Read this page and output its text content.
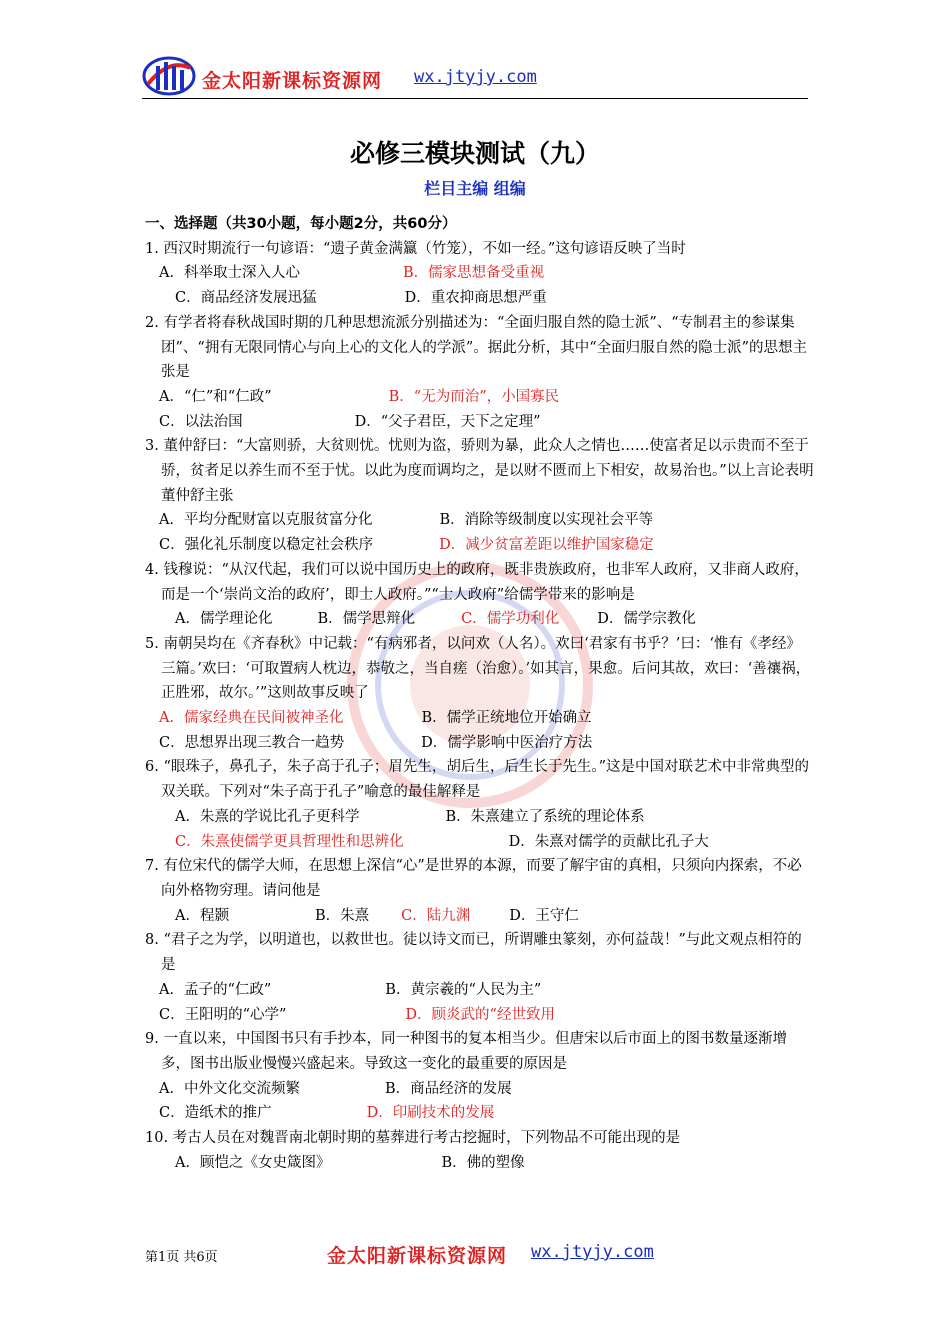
金太阳新课标资源网 wx.jtyjy.com
必修三模块测试（九）
栏目主编 组编
一、选择题（共30小题，每小题2分，共60分）
1. 西汉时期流行一句谚语：“遗子黄金满籝（竹笼），不如一经。”这句谚语反映了当时
A．科举取士深入人心	B．儒家思想备受重视
C．商品经济发展迅猛	D．重农抑商思想严重
2. 有学者将春秋战国时期的几种思想流派分别描述为：“全面归服自然的隐士派”、“专制君主的参谋集团”、“拥有无限同情心与向上心的文化人的学派”。据此分析，其中“全面归服自然的隐士派”的思想主张是
A．“仁”和“仁政”	B．“无为而治”，小国寡民
C．以法治国	D．“父子君臣，天下之定理”
3. 董仲舒曰：“大富则骄，大贫则忧。忧则为盗，骄则为暴，此众人之情也……使富者足以示贵而不至于骄，贫者足以养生而不至于忧。以此为度而调均之，是以财不匮而上下相安，故易治也。”以上言论表明董仲舒主张
A．平均分配财富以克服贫富分化	B．消除等级制度以实现社会平等
C．强化礼乐制度以稳定社会秩序	D．减少贫富差距以维护国家稳定
4. 钱穆说：“从汉代起，我们可以说中国历史上的政府，既非贵族政府，也非军人政府，又非商人政府，而是一个‘崇尚文治的政府’，即士人政府。”“士人政府”给儒学带来的影响是
A．儒学理论化	B．儒学思辩化	C．儒学功利化	D．儒学宗教化
5. 南朝吴均在《齐春秋》中记载：“有病邪者，以问欢（人名）。欢曰‘君家有书乎？’曰：‘惟有《孝经》三篇。’欢曰：‘可取置病人枕边，恭敬之，当自瘥（治愈）。’如其言，果愈。后问其故，欢曰：‘善禳祸，正胜邪，故尔。’”这则故事反映了
A．儒家经典在民间被神圣化	B．儒学正统地位开始确立
C．思想界出现三教合一趋势	D．儒学影响中医治疗方法
6. “眼珠子，鼻孔子，朱子高于孔子；眉先生，胡后生，后生长于先生。”这是中国对联艺术中非常典型的双关联。下列对“朱子高于孔子”喻意的最佳解释是
A．朱熹的学说比孔子更科学	B．朱熹建立了系统的理论体系
C．朱熹使儒学更具哲理性和思辨化	D．朱熹对儒学的贡献比孔子大
7. 有位宋代的儒学大师，在思想上深信“心”是世界的本源，而要了解宇宙的真相，只须向内探索，不必向外格物穷理。请问他是
A．程颢	B．朱熹 C．陆九渊	D．王守仁
8. “君子之为学，以明道也，以救世也。徒以诗文而已，所谓雕虫篆刻，亦何益哉！”与此文观点相符的是
A．孟子的“仁政”	B．黄宗羲的“人民为主”
C．王阳明的“心学”	D．顾炎武的“经世致用
9. 一直以来，中国图书只有手抄本，同一种图书的复本相当少。但唐宋以后市面上的图书数量逐渐增多，图书出版业慢慢兴盛起来。导致这一变化的最重要的原因是
A．中外文化交流频繁	B．商品经济的发展
C．造纸术的推广	D．印刷技术的发展
10. 考古人员在对魏晋南北朝时期的墓葬进行考古挖掘时，下列物品不可能出现的是
A．顾恺之《女史箴图》	B．佛的塑像
第1页 共6页	金太阳新课标资源网 wx.jtyjy.com
